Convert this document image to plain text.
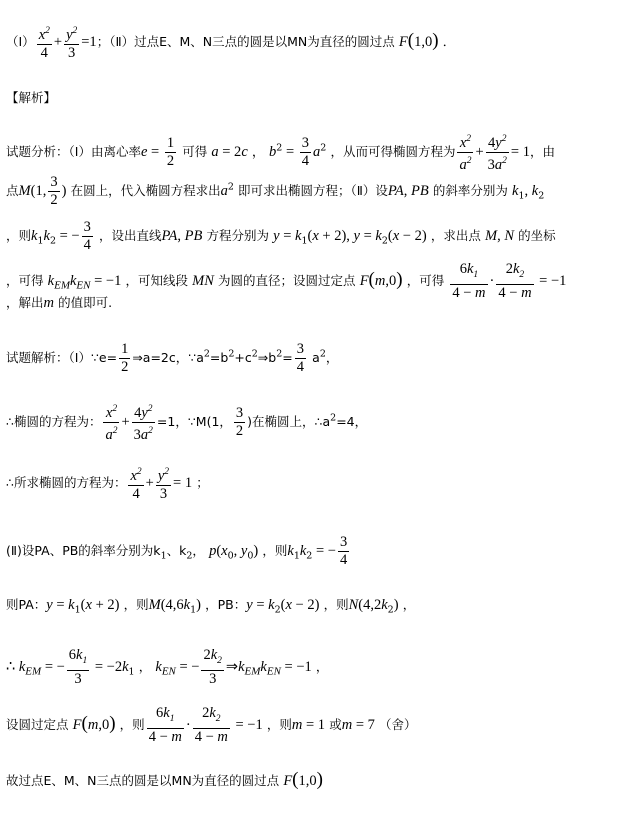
（Ⅰ） $\frac{x^2}{4} + \frac{y^2}{3} =1$；（Ⅱ）过点E、M、N三点的圆是以MN为直径的圆过点 F(1,0) ．
【解析】
试题分析：（Ⅰ）由离心率$e = \frac{1}{2}$ 可得 a = 2c ， $b^2 = \frac{3}{4} a^2$ ，从而可得椭圆方程为 $\frac{x^2}{a^2} + \frac{4y^2}{3a^2} = 1$，由
点M(1, $\frac{3}{2}$ ) 在圆上，代入椭圆方程求出$a^2$ 即可求出椭圆方程；（Ⅱ）设PA, PB 的斜率分别为 $k_1$, $k_2$
，则$k_1k_2$ = − $\frac{3}{4}$ ，设出直线PA, PB 方程分别为 $y = k_1(x + 2)$, $y = k_2(x - 2)$ ，求出点 M, N 的坐标
，可得 $k_{EM}k_{EN} = -1$ ，可知线段 MN 为圆的直径；设圆过定点 F(m,0) ，可得 $\frac{6k_1}{4 - m} \cdot \frac{2k_2}{4 - m} = -1$
，解出m 的值即可.
试题解析：（Ⅰ）∵e= $\frac{1}{2}$ ⇒a=2c，$\because a^2=b^2+c^2\Rightarrow b^2= \frac{3}{4} a^2$，
∴椭圆的方程为： $\frac{x^2}{a^2} + \frac{4y^2}{3a^2} =1$，∵M(1， $\frac{3}{2}$ )在椭圆上，$\therefore a^2=4$，
∴所求椭圆的方程为： $\frac{x^2}{4} + \frac{y^2}{3} = 1$ ；
(Ⅱ)设PA、PB的斜率分别为$k_1$、$k_2$， $p(x_0$, $y_0$) ，则$k_1k_2$ = − $\frac{3}{4}$
则PA：$y = k_1(x + 2)$ ，则$M(4,6k_1)$ ，PB：$y = k_2(x - 2)$ ，则$N(4,2k_2)$ ，
∴ $k_{EM}$ = − $\frac{6k_1}{3} = -2k_1$ ， $k_{EN}$ = − $\frac{2k_2}{3}$ $\Rightarrow k_{EM}k_{EN} = -1$ ，
设圆过定点 F(m,0) ，则 $\frac{6k_1}{4 - m} \cdot \frac{2k_2}{4 - m} = -1$ ，则m = 1 或m = 7 （舍）
故过点E、M、N三点的圆是以MN为直径的圆过点 F(1,0)
